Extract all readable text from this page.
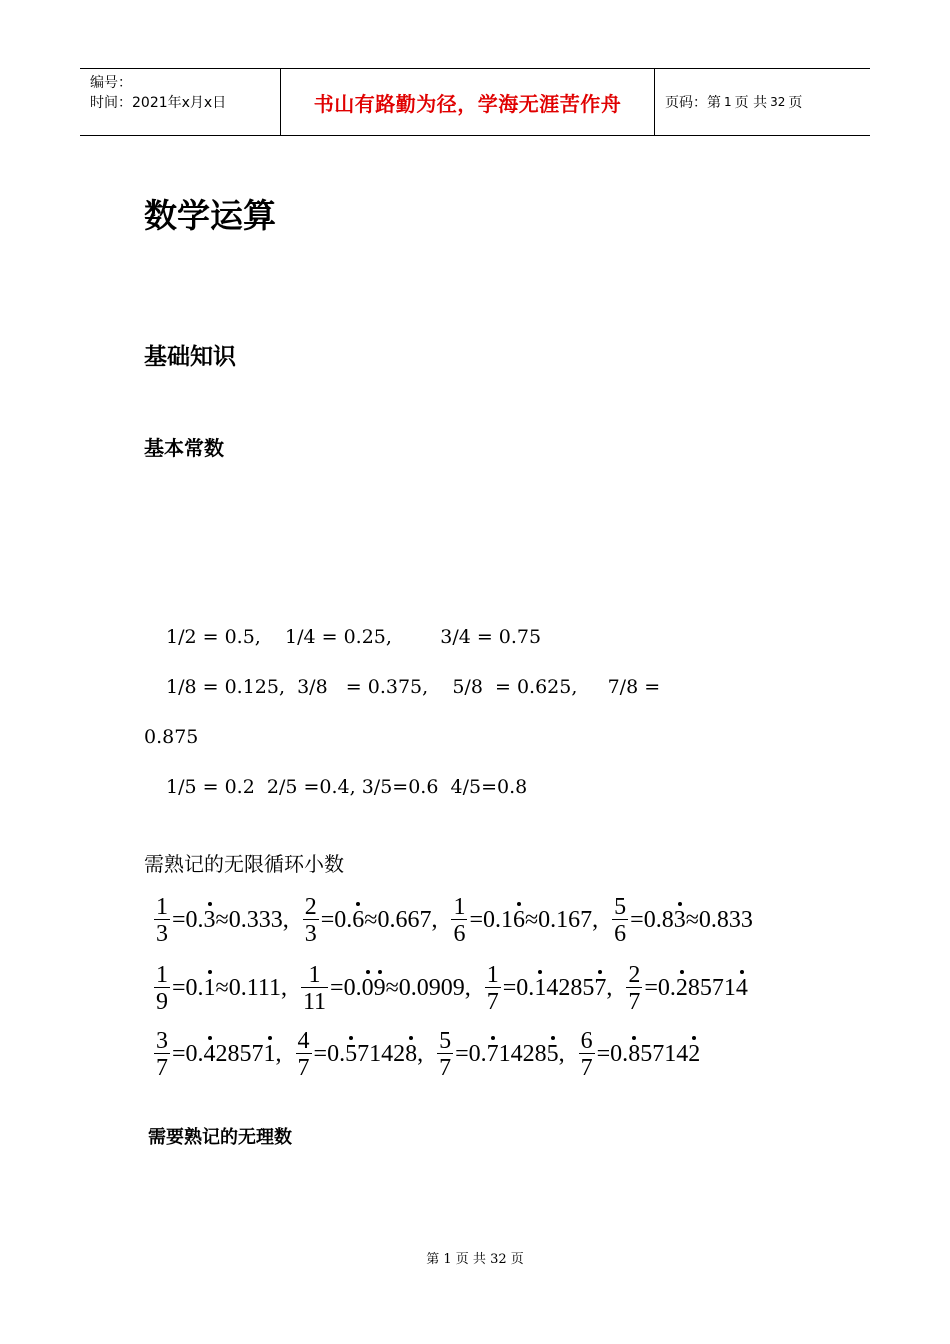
编号：
时间：2021年x月x日	书山有路勤为径，学海无涯苦作舟	页码：第 1 页 共 32 页
数学运算
基础知识
基本常数
1/2 = 0.5,    1/4 = 0.25,        3/4 = 0.75
1/8 = 0.125,  3/8   = 0.375,    5/8  = 0.625,     7/8 =
0.875
1/5 = 0.2  2/5 =0.4, 3/5=0.6  4/5=0.8
需熟记的无限循环小数
$\frac{1}{3} =0$. 3 ≈0.333, $\frac{2}{3} =0$. 6 ≈0.667, $\frac{1}{6} =0.1$ 6 ≈0.167, $\frac{5}{6} =0.8$ 3 ≈0.833
$\frac{1}{9} =0$. 1 ≈0.111, $\frac{1}{11} =0$. 09 ≈0.0909, $\frac{1}{7} =0$. 142857 , $\frac{2}{7} =0$. 285714
$\frac{3}{7} =0$. 428571 , $\frac{4}{7} =0$. 571428 , $\frac{5}{7} =0$. 714285 , $\frac{6}{7} =0$. 857142
需要熟记的无理数
第 1 页 共 32 页
